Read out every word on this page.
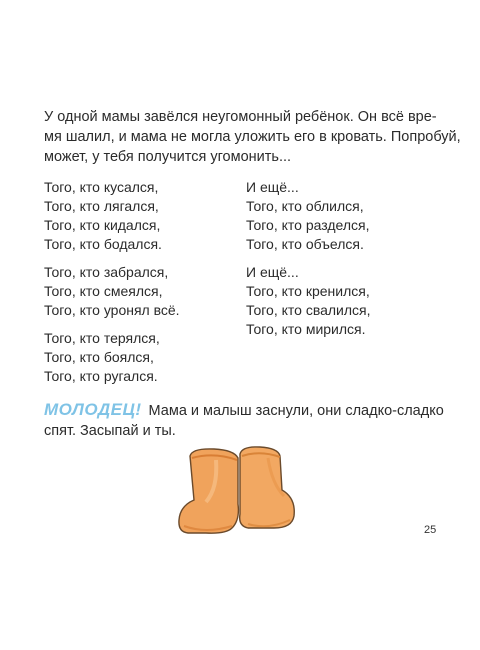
У одной мамы завёлся неугомонный ребёнок. Он всё вре-
мя шалил, и мама не могла уложить его в кровать. Попробуй,
может, у тебя получится угомонить...

Того, кто кусался,
Того, кто лягался,
Того, кто кидался,
Того, кто бодался.
Того, кто забрался,
Того, кто смеялся,
Того, кто уронял всё.
Того, кто терялся,
Того, кто боялся,
Того, кто ругался.
И ещё...
Того, кто облился,
Того, кто разделся,
Того, кто объелся.
И ещё...
Того, кто кренился,
Того, кто свалился,
Того, кто мирился.
МОЛОДЕЦ! Мама и малыш заснули, они сладко-сладко
спят. Засыпай и ты.
25
